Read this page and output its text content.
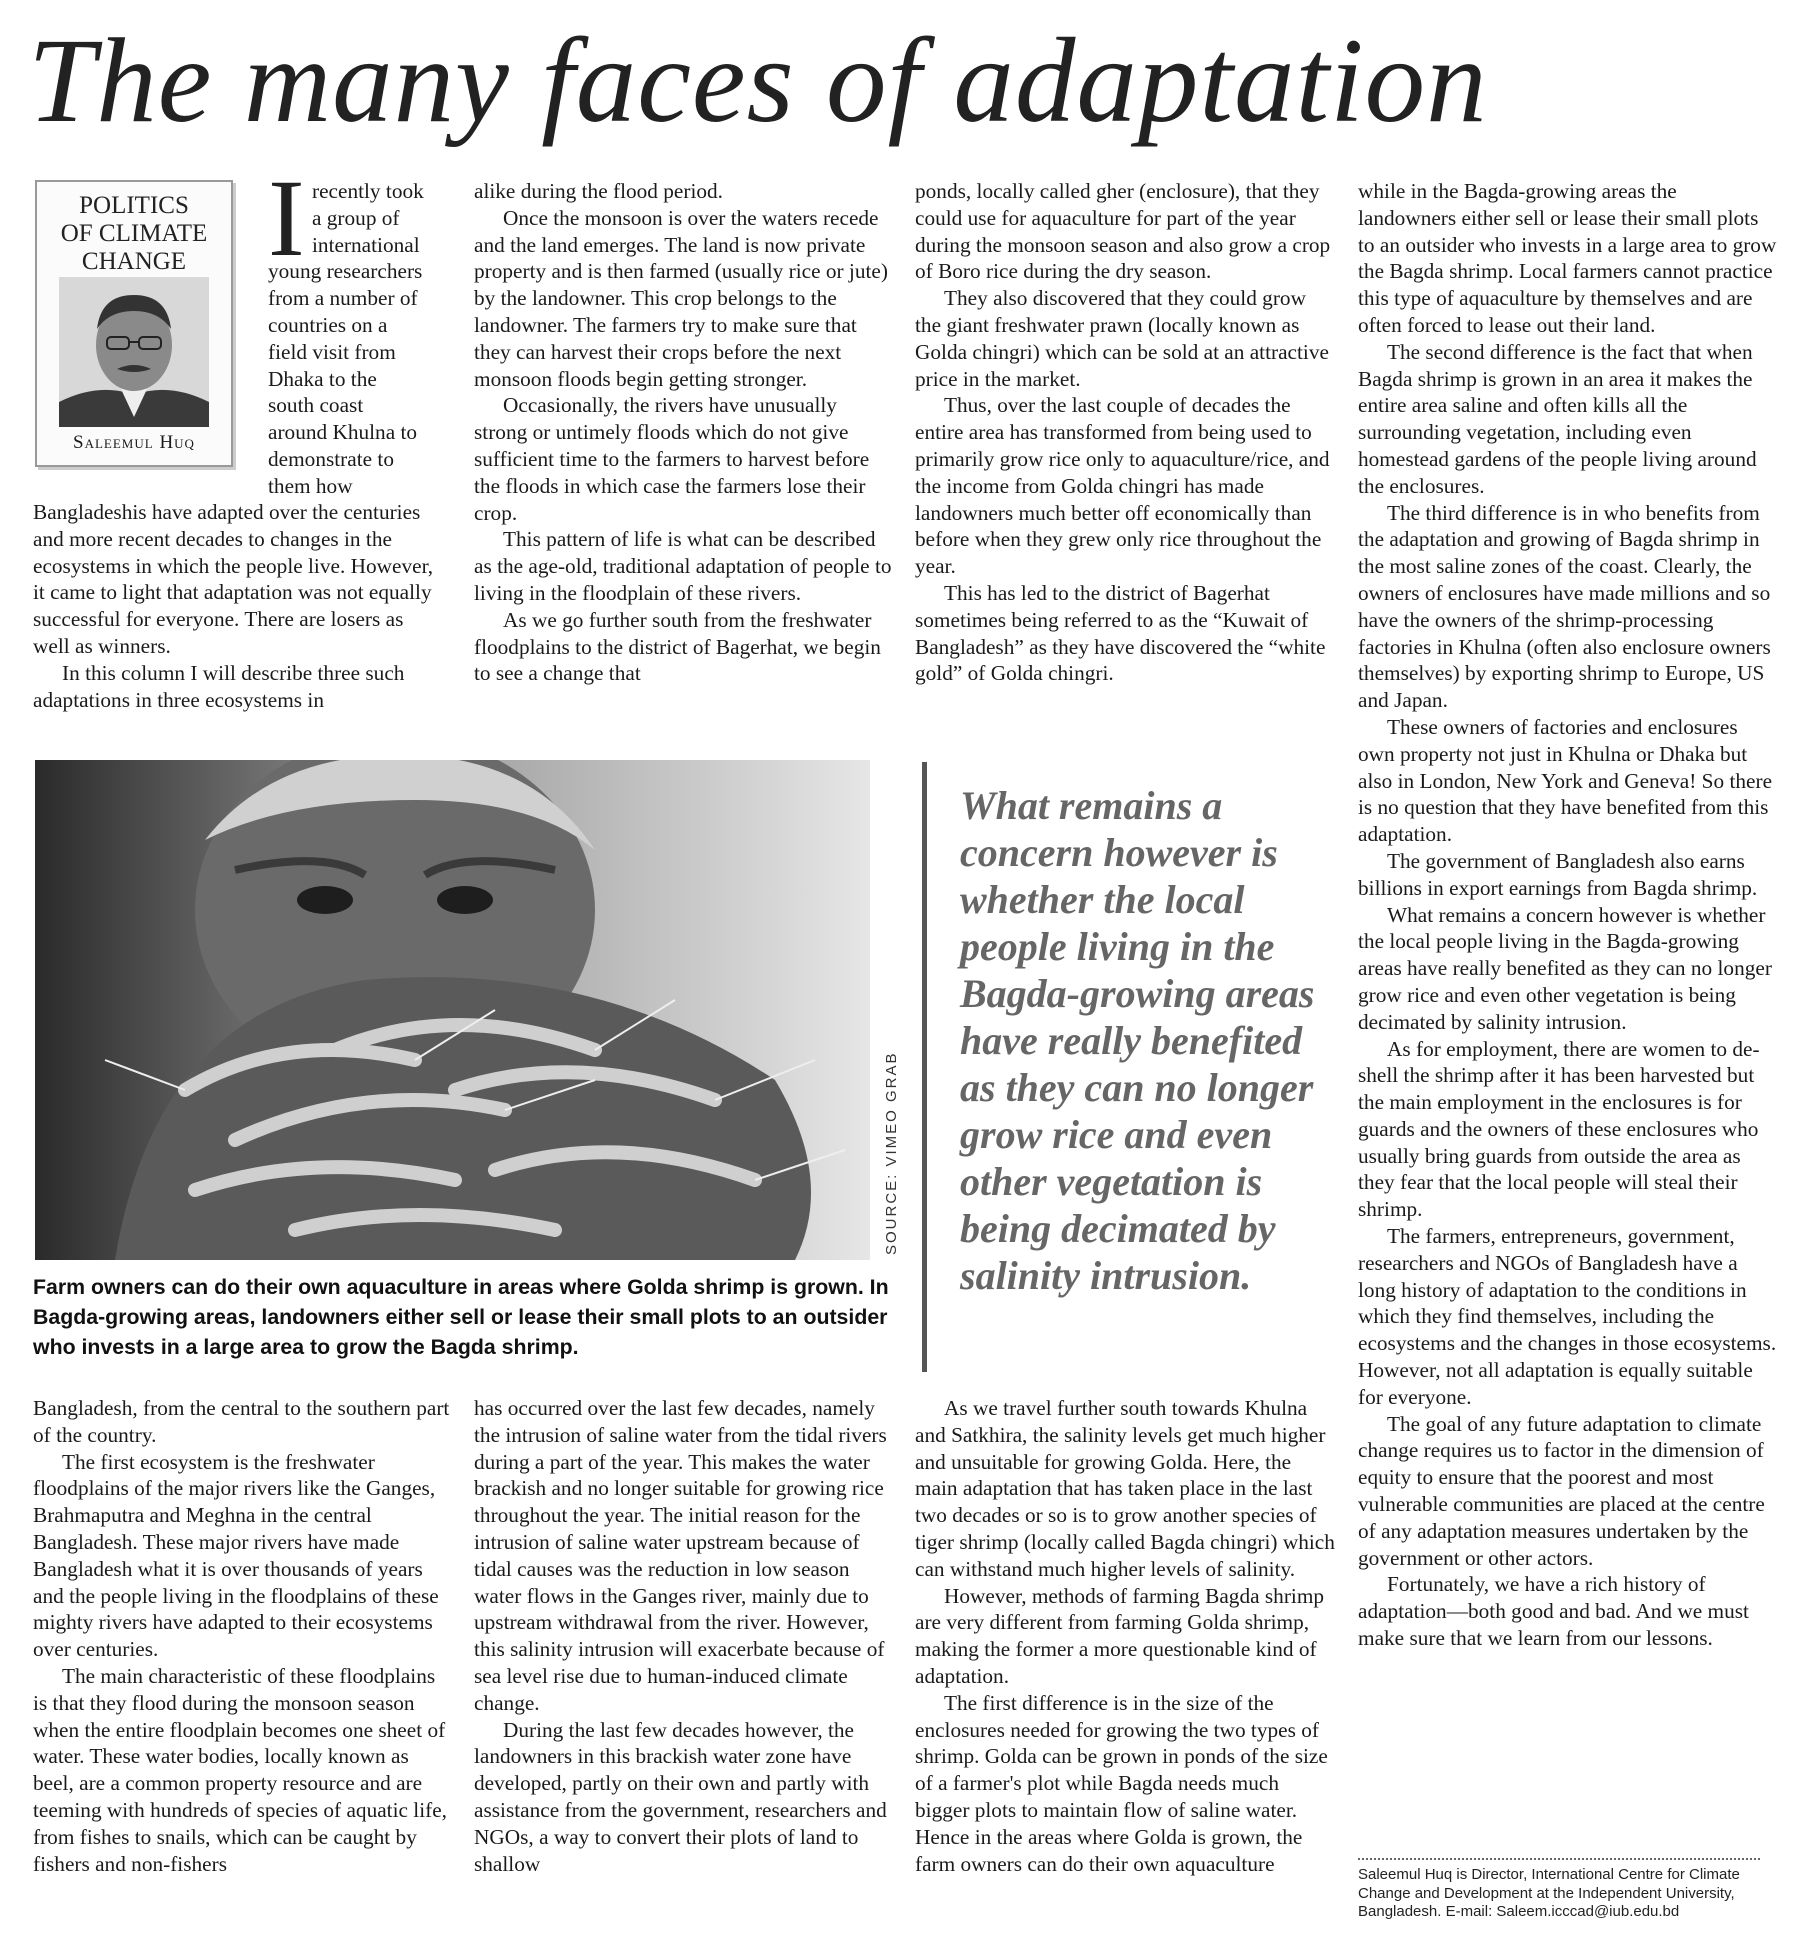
The many faces of adaptation
POLITICS
OF CLIMATE
CHANGE
Saleemul Huq
I recently took
a group of
international
young researchers
from a number of
countries on a
field visit from
Dhaka to the
south coast
around Khulna to
demonstrate to
them how

Bangladeshis have adapted over the centuries and more recent decades to changes in the ecosystems in which the people live. However, it came to light that adaptation was not equally successful for everyone. There are losers as well as winners.

In this column I will describe three such adaptations in three ecosystems in

alike during the flood period.

Once the monsoon is over the waters recede and the land emerges. The land is now private property and is then farmed (usually rice or jute) by the landowner. This crop belongs to the landowner. The farmers try to make sure that they can harvest their crops before the next monsoon floods begin getting stronger.

Occasionally, the rivers have unusually strong or untimely floods which do not give sufficient time to the farmers to harvest before the floods in which case the farmers lose their crop.

This pattern of life is what can be described as the age-old, traditional adaptation of people to living in the floodplain of these rivers.

As we go further south from the freshwater floodplains to the district of Bagerhat, we begin to see a change that

ponds, locally called gher (enclosure), that they could use for aquaculture for part of the year during the monsoon season and also grow a crop of Boro rice during the dry season.

They also discovered that they could grow the giant freshwater prawn (locally known as Golda chingri) which can be sold at an attractive price in the market.

Thus, over the last couple of decades the entire area has transformed from being used to primarily grow rice only to aquaculture/rice, and the income from Golda chingri has made landowners much better off economically than before when they grew only rice throughout the year.

This has led to the district of Bagerhat sometimes being referred to as the “Kuwait of Bangladesh” as they have discovered the “white gold” of Golda chingri.

while in the Bagda-growing areas the landowners either sell or lease their small plots to an outsider who invests in a large area to grow the Bagda shrimp. Local farmers cannot practice this type of aquaculture by themselves and are often forced to lease out their land.

The second difference is the fact that when Bagda shrimp is grown in an area it makes the entire area saline and often kills all the surrounding vegetation, including even homestead gardens of the people living around the enclosures.

The third difference is in who benefits from the adaptation and growing of Bagda shrimp in the most saline zones of the coast. Clearly, the owners of enclosures have made millions and so have the owners of the shrimp-processing factories in Khulna (often also enclosure owners themselves) by exporting shrimp to Europe, US and Japan.

These owners of factories and enclosures own property not just in Khulna or Dhaka but also in London, New York and Geneva! So there is no question that they have benefited from this adaptation.

The government of Bangladesh also earns billions in export earnings from Bagda shrimp.

What remains a concern however is whether the local people living in the Bagda-growing areas have really benefited as they can no longer grow rice and even other vegetation is being decimated by salinity intrusion.

As for employment, there are women to de-shell the shrimp after it has been harvested but the main employment in the enclosures is for guards and the owners of these enclosures who usually bring guards from outside the area as they fear that the local people will steal their shrimp.

The farmers, entrepreneurs, government, researchers and NGOs of Bangladesh have a long history of adaptation to the conditions in which they find themselves, including the ecosystems and the changes in those ecosystems. However, not all adaptation is equally suitable for everyone.

The goal of any future adaptation to climate change requires us to factor in the dimension of equity to ensure that the poorest and most vulnerable communities are placed at the centre of any adaptation measures undertaken by the government or other actors.

Fortunately, we have a rich history of adaptation—both good and bad. And we must make sure that we learn from our lessons.

SOURCE: VIMEO GRAB
Farm owners can do their own aquaculture in areas where Golda shrimp is grown. In Bagda-growing areas, landowners either sell or lease their small plots to an outsider who invests in a large area to grow the Bagda shrimp.
What remains a concern however is whether the local people living in the Bagda-growing areas have really benefited as they can no longer grow rice and even other vegetation is being decimated by salinity intrusion.

Bangladesh, from the central to the southern part of the country.

The first ecosystem is the freshwater floodplains of the major rivers like the Ganges, Brahmaputra and Meghna in the central Bangladesh. These major rivers have made Bangladesh what it is over thousands of years and the people living in the floodplains of these mighty rivers have adapted to their ecosystems over centuries.

The main characteristic of these floodplains is that they flood during the monsoon season when the entire floodplain becomes one sheet of water. These water bodies, locally known as beel, are a common property resource and are teeming with hundreds of species of aquatic life, from fishes to snails, which can be caught by fishers and non-fishers

has occurred over the last few decades, namely the intrusion of saline water from the tidal rivers during a part of the year. This makes the water brackish and no longer suitable for growing rice throughout the year. The initial reason for the intrusion of saline water upstream because of tidal causes was the reduction in low season water flows in the Ganges river, mainly due to upstream withdrawal from the river. However, this salinity intrusion will exacerbate because of sea level rise due to human-induced climate change.

During the last few decades however, the landowners in this brackish water zone have developed, partly on their own and partly with assistance from the government, researchers and NGOs, a way to convert their plots of land to shallow

As we travel further south towards Khulna and Satkhira, the salinity levels get much higher and unsuitable for growing Golda. Here, the main adaptation that has taken place in the last two decades or so is to grow another species of tiger shrimp (locally called Bagda chingri) which can withstand much higher levels of salinity.

However, methods of farming Bagda shrimp are very different from farming Golda shrimp, making the former a more questionable kind of adaptation.

The first difference is in the size of the enclosures needed for growing the two types of shrimp. Golda can be grown in ponds of the size of a farmer's plot while Bagda needs much bigger plots to maintain flow of saline water. Hence in the areas where Golda is grown, the farm owners can do their own aquaculture	Saleemul Huq is Director, International Centre for Climate Change and Development at the Independent University, Bangladesh. E-mail: Saleem.icccad@iub.edu.bd
